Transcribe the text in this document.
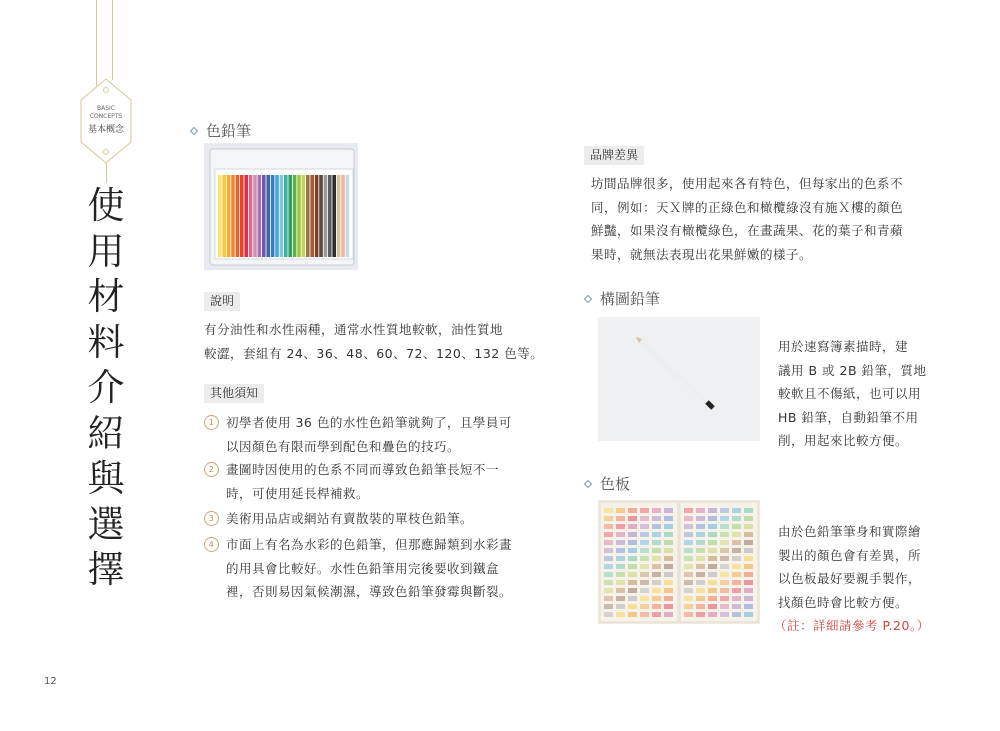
BASIC
CONCEPTS
基本概念
使
用
材
料
介
紹
與
選
擇
色鉛筆
說明
有分油性和水性兩種，通常水性質地較軟，油性質地
較澀，套組有 24、36、48、60、72、120、132 色等。
其他須知
1 初學者使用 36 色的水性色鉛筆就夠了，且學員可
以因顏色有限而學到配色和疊色的技巧。
2 畫圖時因使用的色系不同而導致色鉛筆長短不一
時，可使用延長桿補救。
3 美術用品店或網站有賣散裝的單枝色鉛筆。
4 市面上有名為水彩的色鉛筆，但那應歸類到水彩畫
的用具會比較好。水性色鉛筆用完後要收到鐵盒
裡，否則易因氣候潮濕，導致色鉛筆發霉與斷裂。
品牌差異
坊間品牌很多，使用起來各有特色，但每家出的色系不
同，例如：天Ｘ牌的正綠色和橄欖綠沒有施Ｘ樓的顏色
鮮豔，如果沒有橄欖綠色，在畫蔬果、花的葉子和青蘋
果時，就無法表現出花果鮮嫩的樣子。
構圖鉛筆
用於速寫簿素描時，建
議用 B 或 2B 鉛筆，質地
較軟且不傷紙，也可以用
HB 鉛筆，自動鉛筆不用
削，用起來比較方便。
色板
由於色鉛筆筆身和實際繪
製出的顏色會有差異，所
以色板最好要親手製作，
找顏色時會比較方便。
（註：詳細請參考 P.20。）
12
